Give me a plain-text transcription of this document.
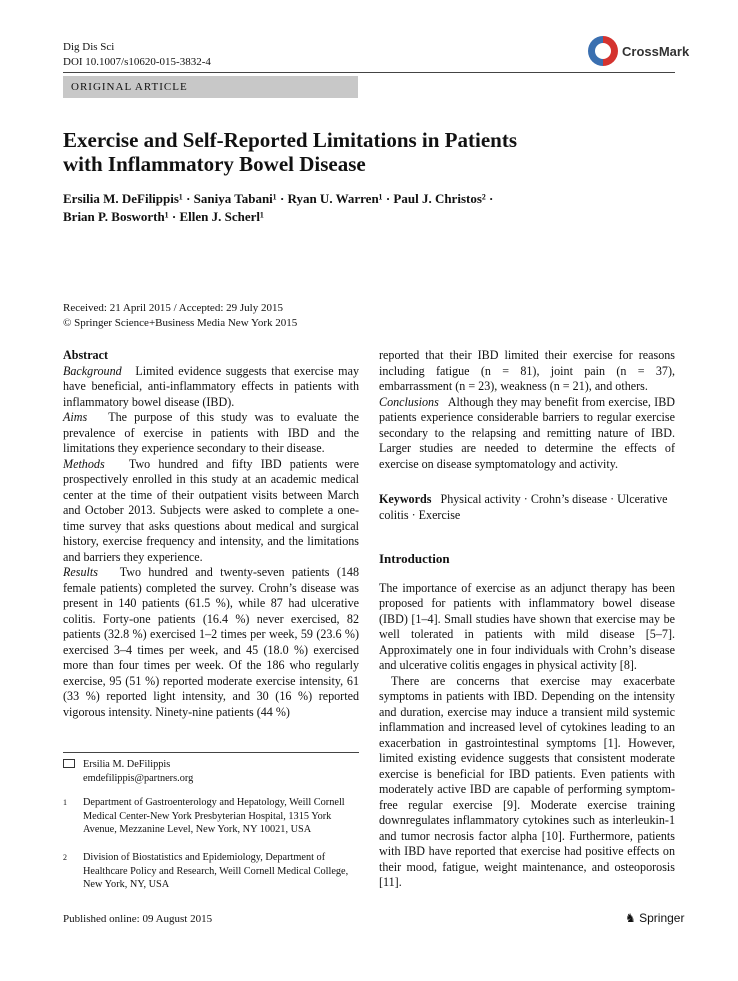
Dig Dis Sci
DOI 10.1007/s10620-015-3832-4
CrossMark
ORIGINAL ARTICLE
Exercise and Self-Reported Limitations in Patients
with Inflammatory Bowel Disease
Ersilia M. DeFilippis¹ · Saniya Tabani¹ · Ryan U. Warren¹ · Paul J. Christos² ·
Brian P. Bosworth¹ · Ellen J. Scherl¹
Received: 21 April 2015 / Accepted: 29 July 2015
© Springer Science+Business Media New York 2015

Abstract

Background Limited evidence suggests that exercise may have beneficial, anti-inflammatory effects in patients with inflammatory bowel disease (IBD).

Aims The purpose of this study was to evaluate the prevalence of exercise in patients with IBD and the limitations they experience secondary to their disease.

Methods Two hundred and fifty IBD patients were prospectively enrolled in this study at an academic medical center at the time of their outpatient visits between March and October 2013. Subjects were asked to complete a one-time survey that asks questions about medical and surgical history, exercise frequency and intensity, and the limitations and barriers they experience.

Results Two hundred and twenty-seven patients (148 female patients) completed the survey. Crohn’s disease was present in 140 patients (61.5 %), while 87 had ulcerative colitis. Forty-one patients (16.4 %) never exercised, 82 patients (32.8 %) exercised 1–2 times per week, 59 (23.6 %) exercised 3–4 times per week, and 45 (18.0 %) exercised more than four times per week. Of the 186 who regularly exercise, 95 (51 %) reported moderate exercise intensity, 61 (33 %) reported light intensity, and 30 (16 %) reported vigorous intensity. Ninety-nine patients (44 %)

reported that their IBD limited their exercise for reasons including fatigue (n = 81), joint pain (n = 37), embarrassment (n = 23), weakness (n = 21), and others.

Conclusions Although they may benefit from exercise, IBD patients experience considerable barriers to regular exercise secondary to the relapsing and remitting nature of IBD. Larger studies are needed to determine the effects of exercise on disease symptomatology and activity.

Keywords Physical activity · Crohn’s disease · Ulcerative colitis · Exercise

Introduction

The importance of exercise as an adjunct therapy has been proposed for patients with inflammatory bowel disease (IBD) [1–4]. Small studies have shown that exercise may be well tolerated in patients with mild disease [5–7]. Approximately one in four individuals with Crohn’s disease and ulcerative colitis engages in physical activity [8].

There are concerns that exercise may exacerbate symptoms in patients with IBD. Depending on the intensity and duration, exercise may induce a transient mild systemic inflammation and increased level of cytokines leading to an exacerbation in gastrointestinal symptoms [1]. However, limited existing evidence suggests that consistent moderate exercise is beneficial for IBD patients. Even patients with moderately active IBD are capable of performing symptom-free regular exercise [9]. Moderate exercise training downregulates inflammatory cytokines such as interleukin-1 and tumor necrosis factor alpha [10]. Furthermore, patients with IBD have reported that exercise had positive effects on their mood, fatigue, weight maintenance, and osteoporosis [11].

Ersilia M. DeFilippis
emdefilippis@partners.org
1	Department of Gastroenterology and Hepatology, Weill Cornell Medical Center-New York Presbyterian Hospital, 1315 York Avenue, Mezzanine Level, New York, NY 10021, USA
2	Division of Biostatistics and Epidemiology, Department of Healthcare Policy and Research, Weill Cornell Medical College, New York, NY, USA
Published online: 09 August 2015	♞ Springer
